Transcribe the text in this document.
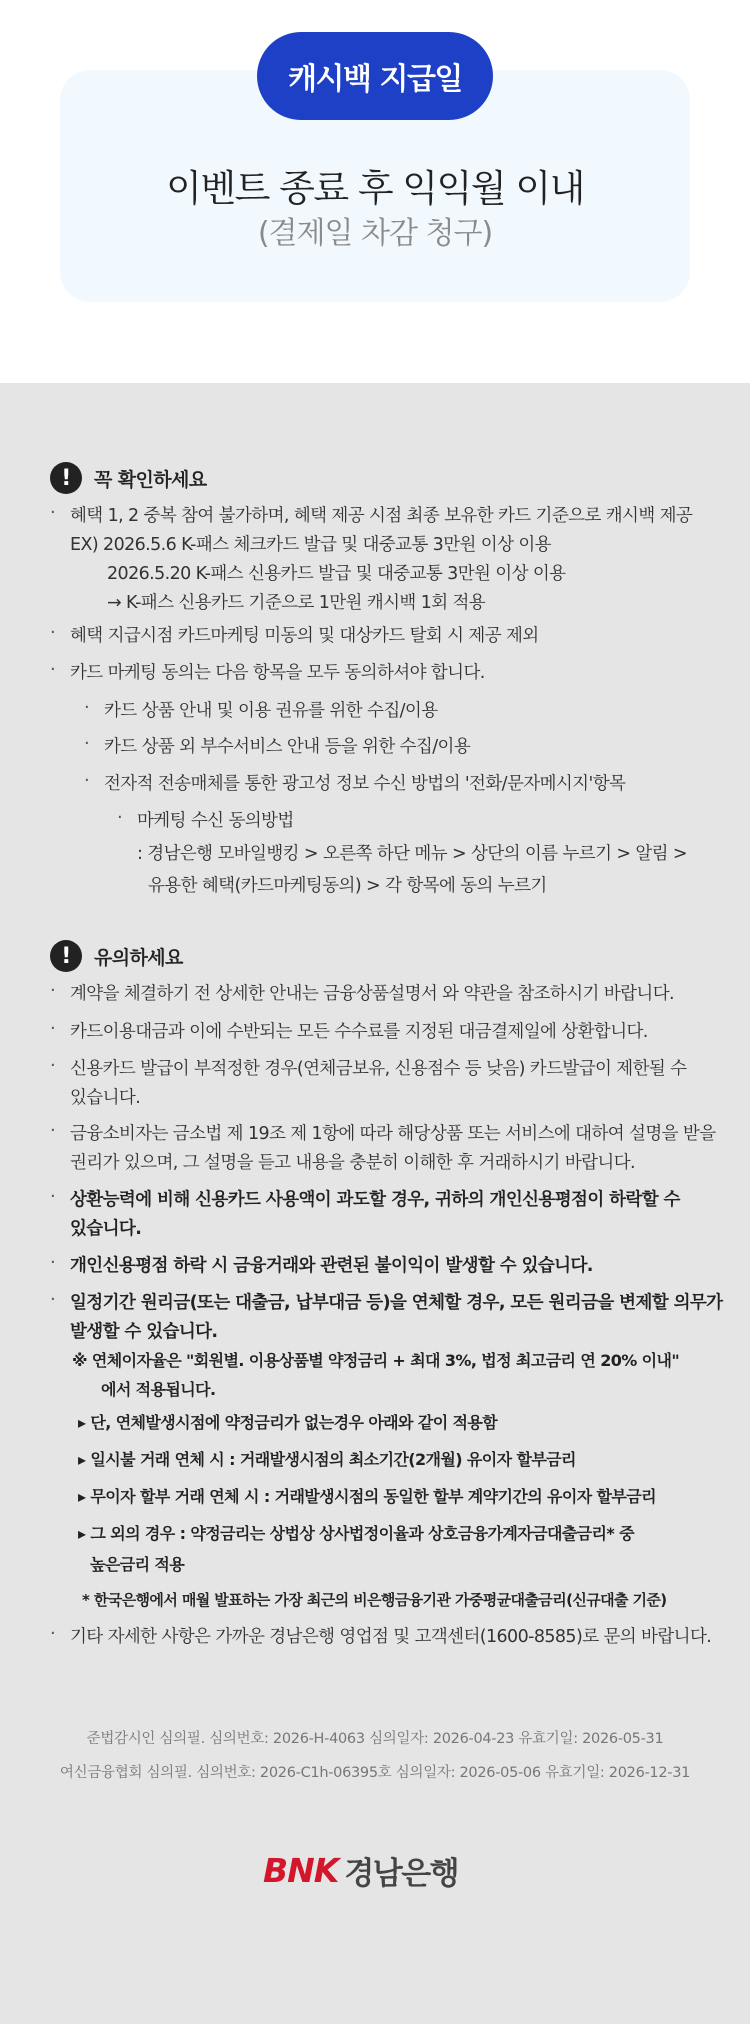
캐시백 지급일
이벤트 종료 후 익익월 이내
(결제일 차감 청구)
!	꼭 확인하세요
· 혜택 1, 2 중복 참여 불가하며, 혜택 제공 시점 최종 보유한 카드 기준으로 캐시백 제공
EX) 2026.5.6 K-패스 체크카드 발급 및 대중교통 3만원 이상 이용
2026.5.20 K-패스 신용카드 발급 및 대중교통 3만원 이상 이용
→ K-패스 신용카드 기준으로 1만원 캐시백 1회 적용
· 혜택 지급시점 카드마케팅 미동의 및 대상카드 탈회 시 제공 제외
· 카드 마케팅 동의는 다음 항목을 모두 동의하셔야 합니다.
· 카드 상품 안내 및 이용 권유를 위한 수집/이용
· 카드 상품 외 부수서비스 안내 등을 위한 수집/이용
· 전자적 전송매체를 통한 광고성 정보 수신 방법의 '전화/문자메시지'항목
· 마케팅 수신 동의방법
: 경남은행 모바일뱅킹 > 오른쪽 하단 메뉴 > 상단의 이름 누르기 > 알림 >
유용한 혜택(카드마케팅동의) > 각 항목에 동의 누르기
!	유의하세요
· 계약을 체결하기 전 상세한 안내는 금융상품설명서 와 약관을 참조하시기 바랍니다.
· 카드이용대금과 이에 수반되는 모든 수수료를 지정된 대금결제일에 상환합니다.
· 신용카드 발급이 부적정한 경우(연체금보유, 신용점수 등 낮음) 카드발급이 제한될 수
있습니다.
· 금융소비자는 금소법 제 19조 제 1항에 따라 해당상품 또는 서비스에 대하여 설명을 받을
권리가 있으며, 그 설명을 듣고 내용을 충분히 이해한 후 거래하시기 바랍니다.
· 상환능력에 비해 신용카드 사용액이 과도할 경우, 귀하의 개인신용평점이 하락할 수
있습니다.
· 개인신용평점 하락 시 금융거래와 관련된 불이익이 발생할 수 있습니다.
· 일정기간 원리금(또는 대출금, 납부대금 등)을 연체할 경우, 모든 원리금을 변제할 의무가
발생할 수 있습니다.
※ 연체이자율은 "회원별. 이용상품별 약정금리 + 최대 3%, 법정 최고금리 연 20% 이내"
에서 적용됩니다.
▸ 단, 연체발생시점에 약정금리가 없는경우 아래와 같이 적용함
▸ 일시불 거래 연체 시 : 거래발생시점의 최소기간(2개월) 유이자 할부금리
▸ 무이자 할부 거래 연체 시 : 거래발생시점의 동일한 할부 계약기간의 유이자 할부금리
▸ 그 외의 경우 : 약정금리는 상법상 상사법정이율과 상호금융가계자금대출금리* 중
높은금리 적용
* 한국은행에서 매월 발표하는 가장 최근의 비은행금융기관 가중평균대출금리(신규대출 기준)
· 기타 자세한 사항은 가까운 경남은행 영업점 및 고객센터(1600-8585)로 문의 바랍니다.
준법감시인 심의필. 심의번호: 2026-H-4063 심의일자: 2026-04-23 유효기일: 2026-05-31
여신금융협회 심의필. 심의번호: 2026-C1h-06395호 심의일자: 2026-05-06 유효기일: 2026-12-31
BNK 경남은행
